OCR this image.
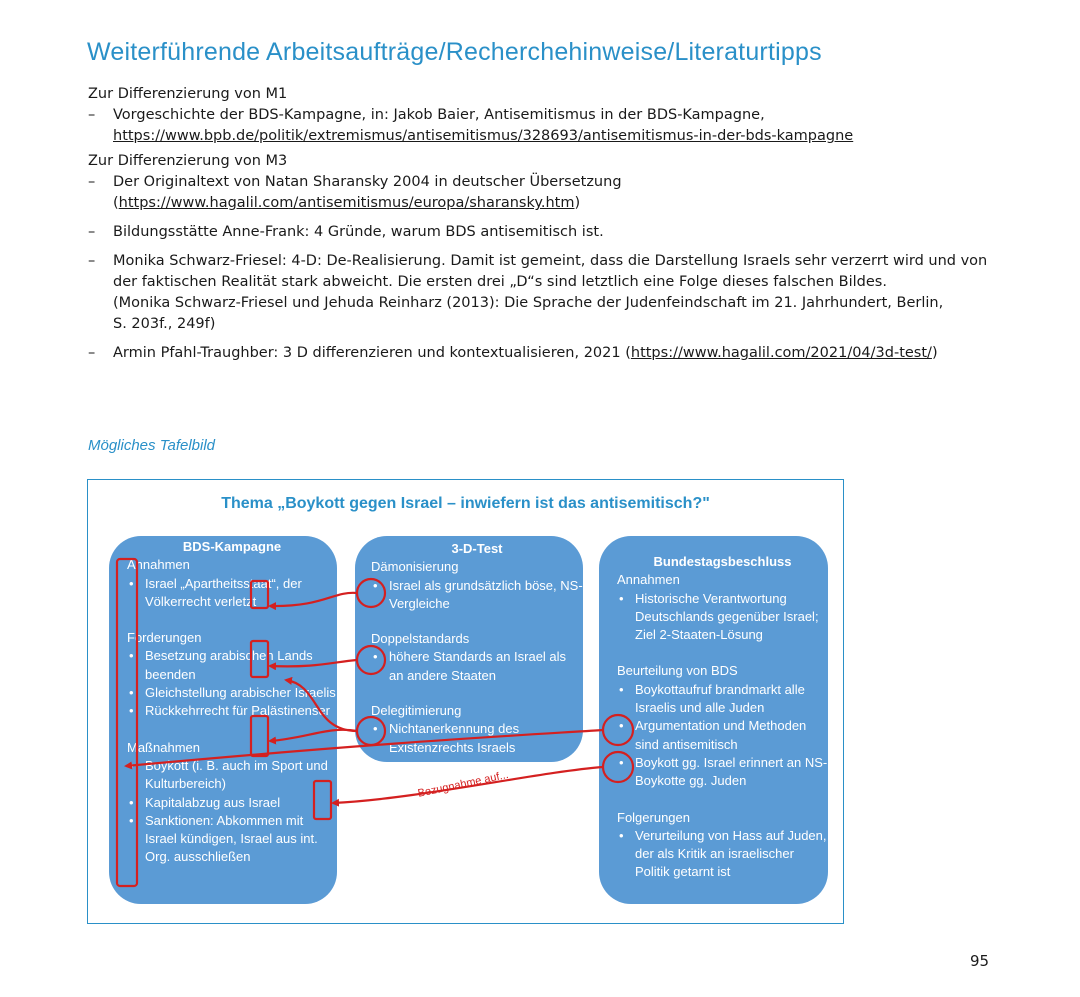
Weiterführende Arbeitsaufträge/Recherchehinweise/Literaturtipps

Zur Differenzierung von M1

– Vorgeschichte der BDS-Kampagne, in: Jakob Baier, Antisemitismus in der BDS-Kampagne,
https://www.bpb.de/politik/extremismus/antisemitismus/328693/antisemitismus-in-der-bds-kampagne

Zur Differenzierung von M3

– Der Originaltext von Natan Sharansky 2004 in deutscher Übersetzung
(https://www.hagalil.com/antisemitismus/europa/sharansky.htm)
– Bildungsstätte Anne-Frank: 4 Gründe, warum BDS antisemitisch ist.
– Monika Schwarz-Friesel: 4-D: De-Realisierung. Damit ist gemeint, dass die Darstellung Israels sehr verzerrt wird und von
der faktischen Realität stark abweicht. Die ersten drei „D“s sind letztlich eine Folge dieses falschen Bildes.
(Monika Schwarz-Friesel und Jehuda Reinharz (2013): Die Sprache der Judenfeindschaft im 21. Jahrhundert, Berlin,
S. 203f., 249f)
– Armin Pfahl-Traughber: 3 D differenzieren und kontextualisieren, 2021 (https://www.hagalil.com/2021/04/3d-test/)
Mögliches Tafelbild
Thema „Boykott gegen Israel – inwiefern ist das antisemitisch?"
BDS-Kampagne

Annahmen

• Israel „Apartheitsstaat“, der Völkerrecht verletzt

Forderungen

• Besetzung arabischen Lands beenden

• Gleichstellung arabischer Israelis

• Rückkehrrecht für Palästinenser

Maßnahmen

• Boykott (i. B. auch im Sport und Kulturbereich)

• Kapitalabzug aus Israel

• Sanktionen: Abkommen mit Israel kündigen, Israel aus int. Org. ausschließen

3-D-Test

Dämonisierung

• Israel als grundsätzlich böse, NS-Vergleiche

Doppelstandards

• höhere Standards an Israel als an andere Staaten

Delegitimierung

• Nichtanerkennung des Existenzrechts Israels

Bundestagsbeschluss

Annahmen

• Historische Verantwortung Deutschlands gegenüber Israel; Ziel 2-Staaten-Lösung

Beurteilung von BDS

• Boykottaufruf brandmarkt alle Israelis und alle Juden

• Argumentation und Methoden sind antisemitisch

• Boykott gg. Israel erinnert an NS-Boykotte gg. Juden

Folgerungen

• Verurteilung von Hass auf Juden, der als Kritik an israelischer Politik getarnt ist

Bezugnahme auf...
95
